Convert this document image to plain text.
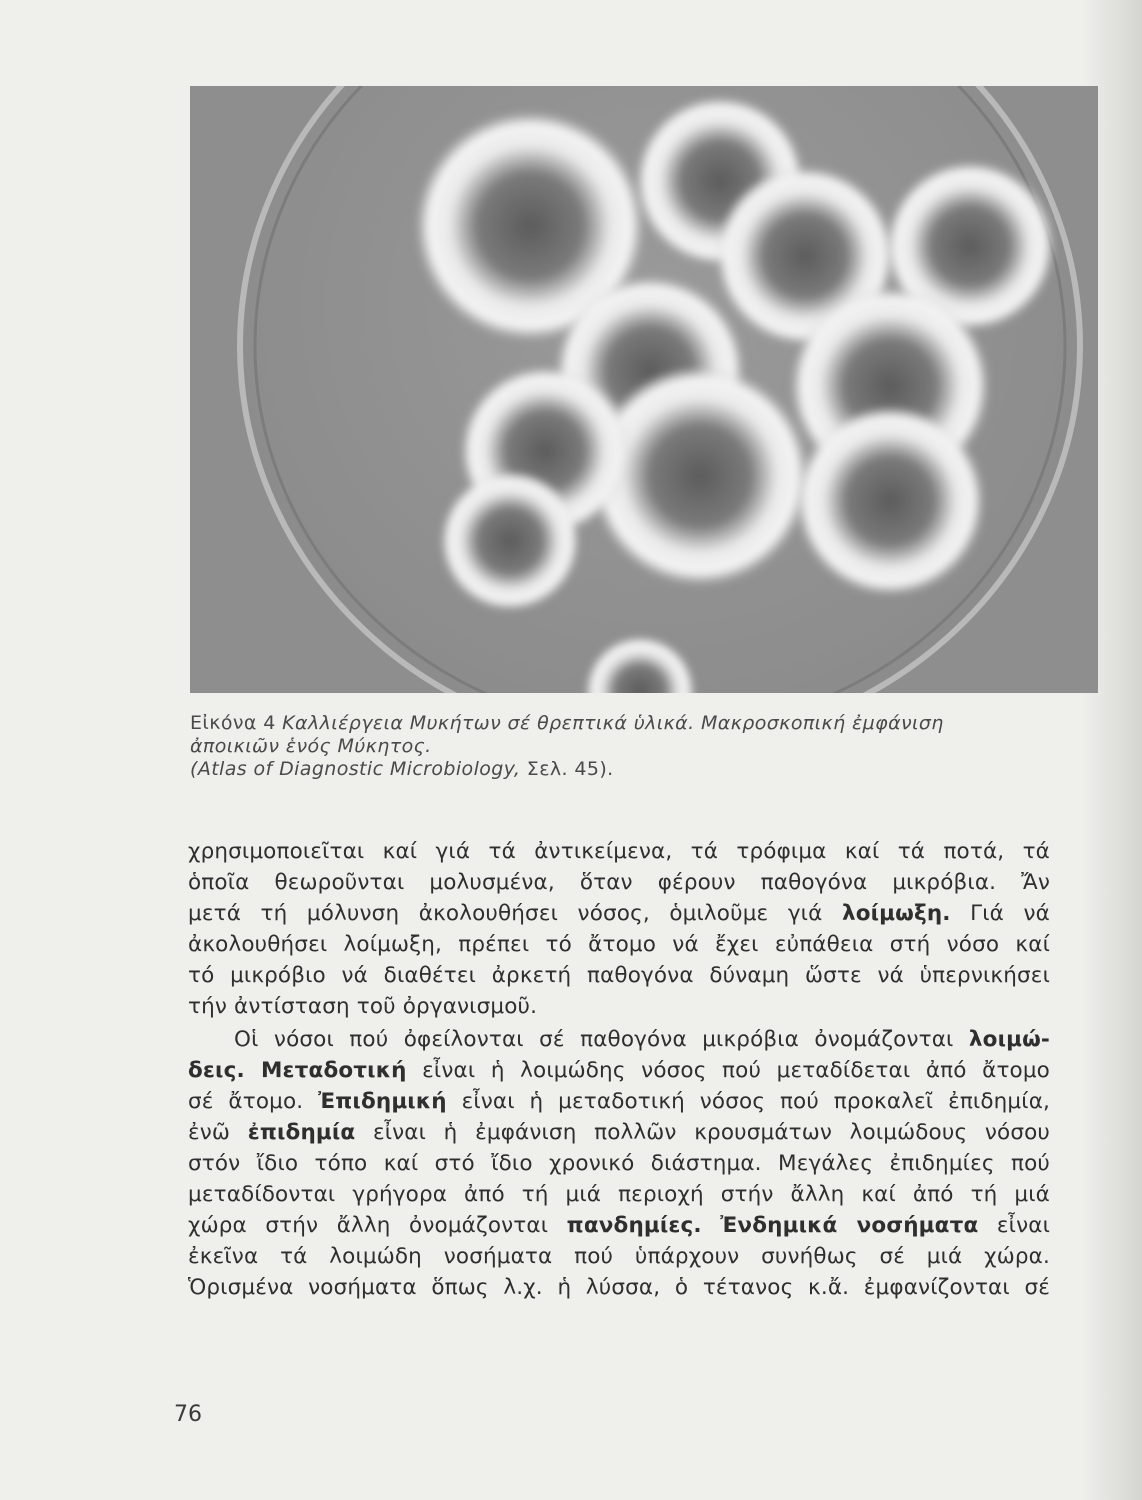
Εἰκόνα 4 Καλλιέργεια Μυκήτων σέ θρεπτικά ὑλικά. Μακροσκοπική ἐμφάνιση
ἀποικιῶν ἑνός Μύκητος.
(Atlas of Diagnostic Microbiology, Σελ. 45).
χρησιμοποιεῖται καί γιά τά ἀντικείμενα, τά τρόφιμα καί τά ποτά, τά
ὁποῖα θεωροῦνται μολυσμένα, ὅταν φέρουν παθογόνα μικρόβια. Ἄν
μετά τή μόλυνση ἀκολουθήσει νόσος, ὁμιλοῦμε γιά λοίμωξη. Γιά νά
ἀκολουθήσει λοίμωξη, πρέπει τό ἄτομο νά ἔχει εὐπάθεια στή νόσο καί
τό μικρόβιο νά διαθέτει ἀρκετή παθογόνα δύναμη ὥστε νά ὑπερνικήσει
τήν ἀντίσταση τοῦ ὀργανισμοῦ.
Οἱ νόσοι πού ὀφείλονται σέ παθογόνα μικρόβια ὀνομάζονται λοιμώ-
δεις. Μεταδοτική εἶναι ἡ λοιμώδης νόσος πού μεταδίδεται ἀπό ἄτομο
σέ ἄτομο. Ἐπιδημική εἶναι ἡ μεταδοτική νόσος πού προκαλεῖ ἐπιδημία,
ἐνῶ ἐπιδημία εἶναι ἡ ἐμφάνιση πολλῶν κρουσμάτων λοιμώδους νόσου
στόν ἴδιο τόπο καί στό ἴδιο χρονικό διάστημα. Μεγάλες ἐπιδημίες πού
μεταδίδονται γρήγορα ἀπό τή μιά περιοχή στήν ἄλλη καί ἀπό τή μιά
χώρα στήν ἄλλη ὀνομάζονται πανδημίες. Ἐνδημικά νοσήματα εἶναι
ἐκεῖνα τά λοιμώδη νοσήματα πού ὑπάρχουν συνήθως σέ μιά χώρα.
Ὁρισμένα νοσήματα ὅπως λ.χ. ἡ λύσσα, ὁ τέτανος κ.ἄ. ἐμφανίζονται σέ
76
